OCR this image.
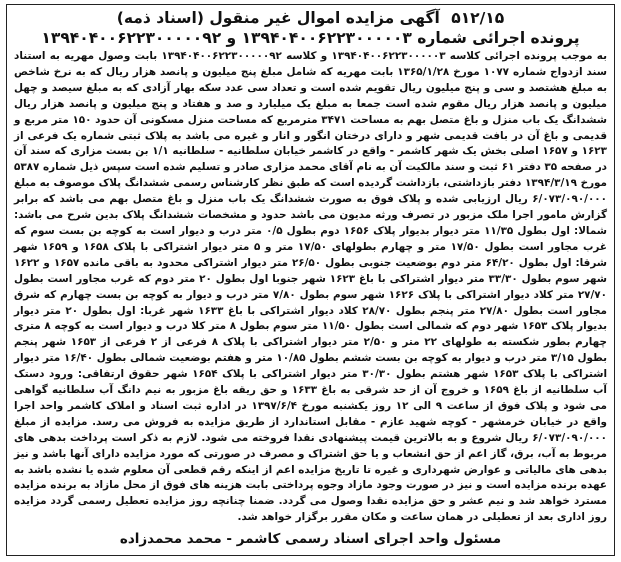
۵۱۲/۱۵ آگهی مزایده اموال غیر منقول (اسناد ذمه)
پرونده اجرائی شماره ۱۳۹۴۰۴۰۰۶۲۲۳۰۰۰۰۰۳ و ۱۳۹۴۰۴۰۰۶۲۲۳۰۰۰۰۰۹۲

به موجب پرونده اجرائی کلاسه ۱۳۹۴۰۴۰۰۶۲۲۳۰۰۰۰۰۳ و کلاسه ۱۳۹۴۰۴۰۰۶۲۲۳۰۰۰۰۰۹۲ بابت وصول مهریه به استناد سند ازدواج شماره ۱۰۷۷ مورخ ۱۳۶۵/۱/۲۸ بابت مهریه که شامل مبلغ پنج میلیون و پانصد هزار ریال که به نرخ شاخص به مبلغ هشتصد و سی و پنج میلیون ریال تقویم شده است و تعداد سی عدد سکه بهار آزادی که به مبلغ سیصد و چهل میلیون و پانصد هزار ریال مقوم شده است جمعا به مبلغ یک میلیارد و صد و هفتاد و پنج میلیون و پانصد هزار ریال ششدانگ یک باب منزل و باغ متصل بهم به مساحت ۳۴۷۱ مترمربع که مساحت منزل مسکونی آن حدود ۱۵۰ متر مربع و قدیمی و باغ آن در بافت قدیمی شهر و دارای درختان انگور و انار و غیره می باشد به پلاک ثبتی شماره یک فرعی از ۱۶۲۳ و ۱۶۵۷ اصلی بخش یک شهر کاشمر - واقع در کاشمر خیابان سلطانیه - سلطانیه ۱/۱ بن بست مزاری که سند آن در صفحه ۳۵ دفتر ۶۱ ثبت و سند مالکیت آن به نام آقای محمد مزاری صادر و تسلیم شده است سپس ذیل شماره ۵۳۸۷ مورخ ۱۳۹۴/۳/۱۹ دفتر بازداشتی، بازداشت گردیده است که طبق نظر کارشناس رسمی ششدانگ پلاک موصوف به مبلغ ۶/۰۷۳/۰۹۰/۰۰۰ ریال ارزیابی شده و پلاک فوق به صورت ششدانگ یک باب منزل و باغ متصل بهم می باشد که برابر گزارش مامور اجرا ملک مزبور در تصرف ورثه مدیون می باشد حدود و مشخصات ششدانگ پلاک بدین شرح می باشد: شمالا: اول بطول ۱۱/۳۵ متر دیوار بدیوار پلاک ۱۶۵۶ دوم بطول ۰/۵ متر درب و دیوار است به کوچه بن بست سوم که غرب مجاور است بطول ۱۷/۵۰ متر و چهارم بطولهای ۱۷/۵۰ متر و ۵ متر دیوار اشتراکی با پلاک ۱۶۵۸ و ۱۶۵۹ شهر شرقا: اول بطول ۶۴/۲۰ متر دوم بوضعیت جنوبی بطول ۲۶/۵۰ متر دیوار اشتراکی محدود به باقی مانده ۱۶۵۷ و ۱۶۲۲ شهر سوم بطول ۳۳/۳۰ متر دیوار اشتراکی با باغ ۱۶۲۳ شهر جنوبا اول بطول ۲۰ متر دوم که غرب مجاور است بطول ۲۷/۷۰ متر کلاد دیوار اشتراکی با پلاک ۱۶۲۶ شهر سوم بطول ۷/۸۰ متر درب و دیوار به کوچه بن بست چهارم که شرق مجاور است بطول ۲۷/۸۰ متر پنجم بطول ۲۸/۷۰ کلاد دیوار اشتراکی با باغ ۱۶۳۳ شهر غربا: اول بطول ۲۰ متر دیوار بدیوار پلاک ۱۶۵۳ شهر دوم که شمالی است بطول ۱۱/۵۰ متر سوم بطول ۸ متر کلا درب و دیوار است به کوچه ۸ متری چهارم بطور شکسته به طولهای ۲۲ متر و ۲/۵۰ متر دیوار اشتراکی با پلاک ۸ فرعی از ۲ فرعی از ۱۶۵۳ شهر پنجم بطول ۳/۱۵ متر درب و دیوار به کوچه بن بست ششم بطول ۱۰/۸۵ متر و هفتم بوضعیت شمالی بطول ۱۶/۴۰ متر دیوار اشتراکی با پلاک ۱۶۵۳ شهر هشتم بطول ۳۰/۳۰ متر دیوار اشتراکی با پلاک ۱۶۵۴ شهر حقوق ارتفاقی: ورود دستک آب سلطانیه از باغ ۱۶۵۹ و خروج آن از حد شرقی به باغ ۱۶۳۳ و حق ریقه باغ مزبور به نیم دانگ آب سلطانیه گواهی می شود و پلاک فوق از ساعت ۹ الی ۱۲ روز یکشنبه مورخ ۱۳۹۷/۶/۴ در اداره ثبت اسناد و املاک کاشمر واحد اجرا واقع در خیابان خرمشهر - کوچه شهید عازم - مقابل استاندارد از طریق مزایده به فروش می رسد. مزایده از مبلغ ۶/۰۷۳/۰۹۰/۰۰۰ ریال شروع و به بالاترین قیمت پیشنهادی نقدا فروخته می شود. لازم به ذکر است پرداخت بدهی های مربوط به آب، برق، گاز اعم از حق انشعاب و یا حق اشتراک و مصرف در صورتی که مورد مزایده دارای آنها باشد و نیز بدهی های مالیاتی و عوارض شهرداری و غیره تا تاریخ مزایده اعم از اینکه رقم قطعی آن معلوم شده یا نشده باشد به عهده برنده مزایده است و نیز در صورت وجود مازاد وجوه پرداختی بابت هزینه های فوق از محل مازاد به برنده مزایده مسترد خواهد شد و نیم عشر و حق مزایده نقدا وصول می گردد. ضمنا چنانچه روز مزایده تعطیل رسمی گردد مزایده روز اداری بعد از تعطیلی در همان ساعت و مکان مقرر برگزار خواهد شد.

مسئول واحد اجرای اسناد رسمی کاشمر - محمد محمدزاده
